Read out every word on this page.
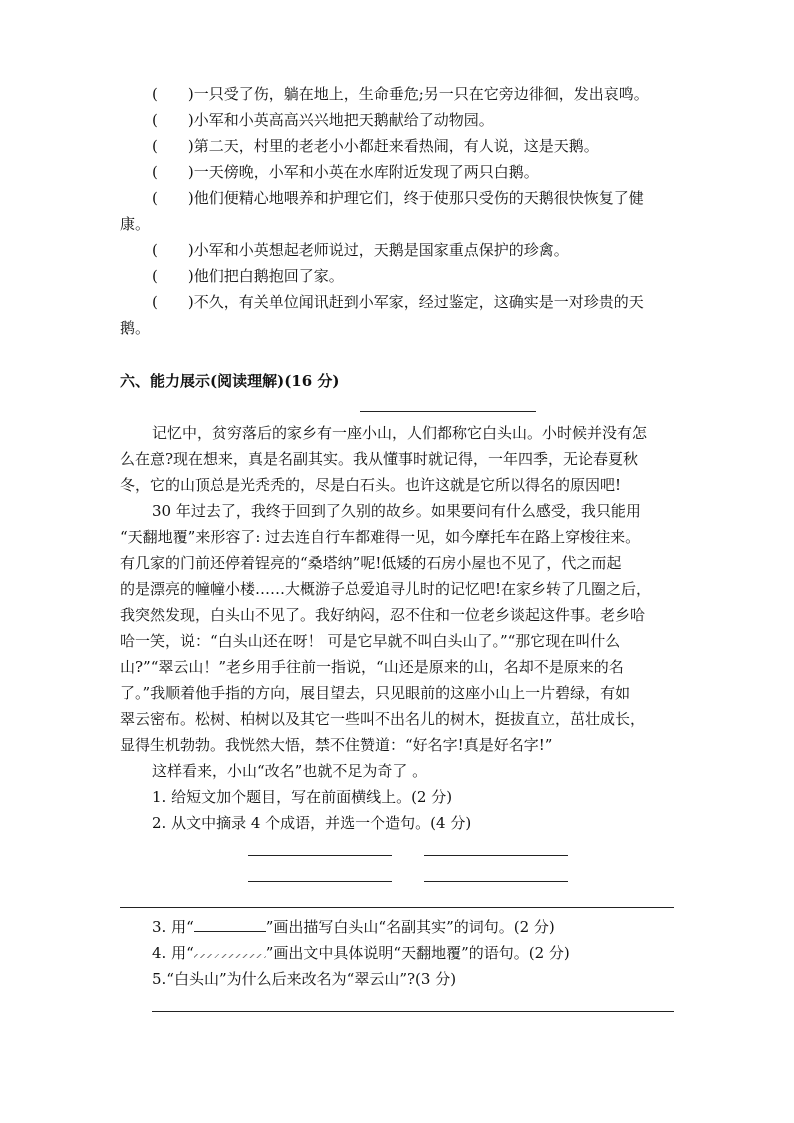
( )一只受了伤，躺在地上，生命垂危;另一只在它旁边徘徊，发出哀鸣。
( )小军和小英高高兴兴地把天鹅献给了动物园。
( )第二天，村里的老老小小都赶来看热闹，有人说，这是天鹅。
( )一天傍晚，小军和小英在水库附近发现了两只白鹅。
( )他们便精心地喂养和护理它们，终于使那只受伤的天鹅很快恢复了健
康。
( )小军和小英想起老师说过，天鹅是国家重点保护的珍禽。
( )他们把白鹅抱回了家。
( )不久，有关单位闻讯赶到小军家，经过鉴定，这确实是一对珍贵的天
鹅。
六、能力展示(阅读理解)(16 分)
记忆中，贫穷落后的家乡有一座小山，人们都称它白头山。小时候并没有怎
么在意?现在想来，真是名副其实。我从懂事时就记得，一年四季，无论春夏秋
冬，它的山顶总是光秃秃的，尽是白石头。也许这就是它所以得名的原因吧!
30 年过去了，我终于回到了久别的故乡。如果要问有什么感受，我只能用
“天翻地覆”来形容了: 过去连自行车都难得一见，如今摩托车在路上穿梭往来。
有几家的门前还停着锃亮的“桑塔纳”呢!低矮的石房小屋也不见了，代之而起
的是漂亮的幢幢小楼……大概游子总爱追寻儿时的记忆吧!在家乡转了几圈之后，
我突然发现，白头山不见了。我好纳闷，忍不住和一位老乡谈起这件事。老乡哈
哈一笑，说：“白头山还在呀！ 可是它早就不叫白头山了。”“那它现在叫什么
山?”“翠云山！”老乡用手往前一指说，“山还是原来的山，名却不是原来的名
了。”我顺着他手指的方向，展目望去，只见眼前的这座小山上一片碧绿，有如
翠云密布。松树、柏树以及其它一些叫不出名儿的树木，挺拔直立，茁壮成长，
显得生机勃勃。我恍然大悟，禁不住赞道：“好名字!真是好名字!”
这样看来，小山“改名”也就不足为奇了 。
1. 给短文加个题目，写在前面横线上。(2 分)
2. 从文中摘录 4 个成语，并选一个造句。(4 分)
3. 用“	”画出描写白头山“名副其实”的词句。(2 分)
4. 用“	”画出文中具体说明“天翻地覆”的语句。(2 分)
5.“白头山”为什么后来改名为“翠云山”?(3 分)
